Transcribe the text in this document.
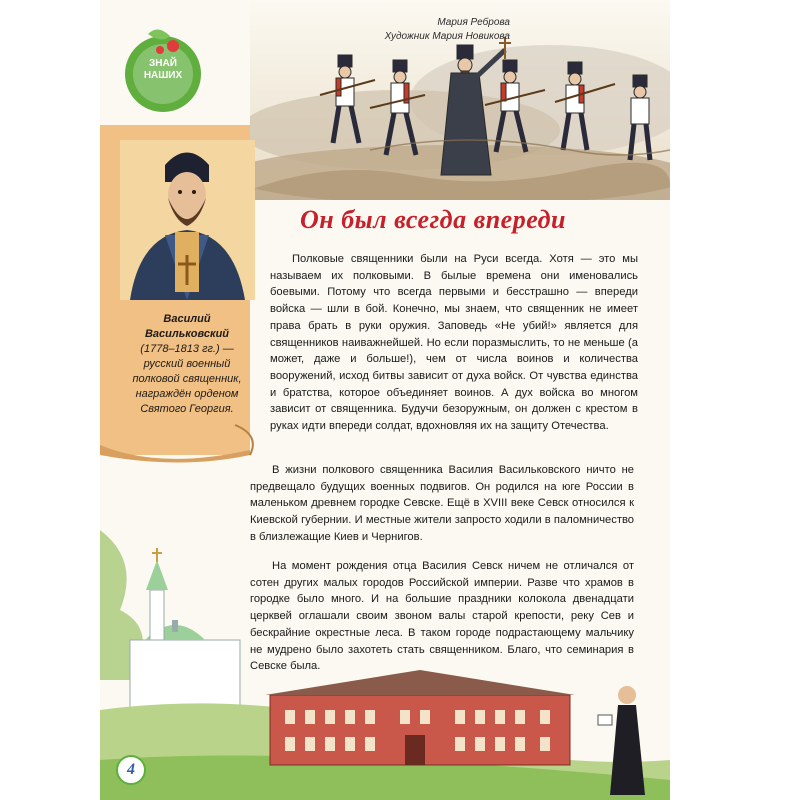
Мария Реброва
Художник Мария Новикова
ЗНАЙ
НАШИХ
Василий
Васильковский
(1778–1813 гг.) — русский военный полковой священник, награждён орденом Святого Георгия.
Он был всегда впереди
Полковые священники были на Руси всегда. Хотя — это мы называем их полковыми. В былые времена они именовались боевыми. Потому что всегда первыми и бесстрашно — впереди войска — шли в бой. Конечно, мы знаем, что священник не имеет права брать в руки оружия. Заповедь «Не убий!» является для священников наиважнейшей. Но если поразмыслить, то не меньше (а может, даже и больше!), чем от числа воинов и количества вооружений, исход битвы зависит от духа войск. От чувства единства и братства, которое объединяет воинов. А дух войска во многом зависит от священника. Будучи безоружным, он должен с крестом в руках идти впереди солдат, вдохновляя их на защиту Отечества.
В жизни полкового священника Василия Васильковского ничто не предвещало будущих военных подвигов. Он родился на юге России в маленьком древнем городке Севске. Ещё в XVIII веке Севск относился к Киевской губернии. И местные жители запросто ходили в паломничество в близлежащие Киев и Чернигов.
На момент рождения отца Василия Севск ничем не отличался от сотен других малых городов Российской империи. Разве что храмов в городке было много. И на большие праздники колокола двенадцати церквей оглашали своим звоном валы старой крепости, реку Сев и бескрайние окрестные леса. В таком городе подрастающему мальчику не мудрено было захотеть стать священником. Благо, что семинария в Севске была.
4
